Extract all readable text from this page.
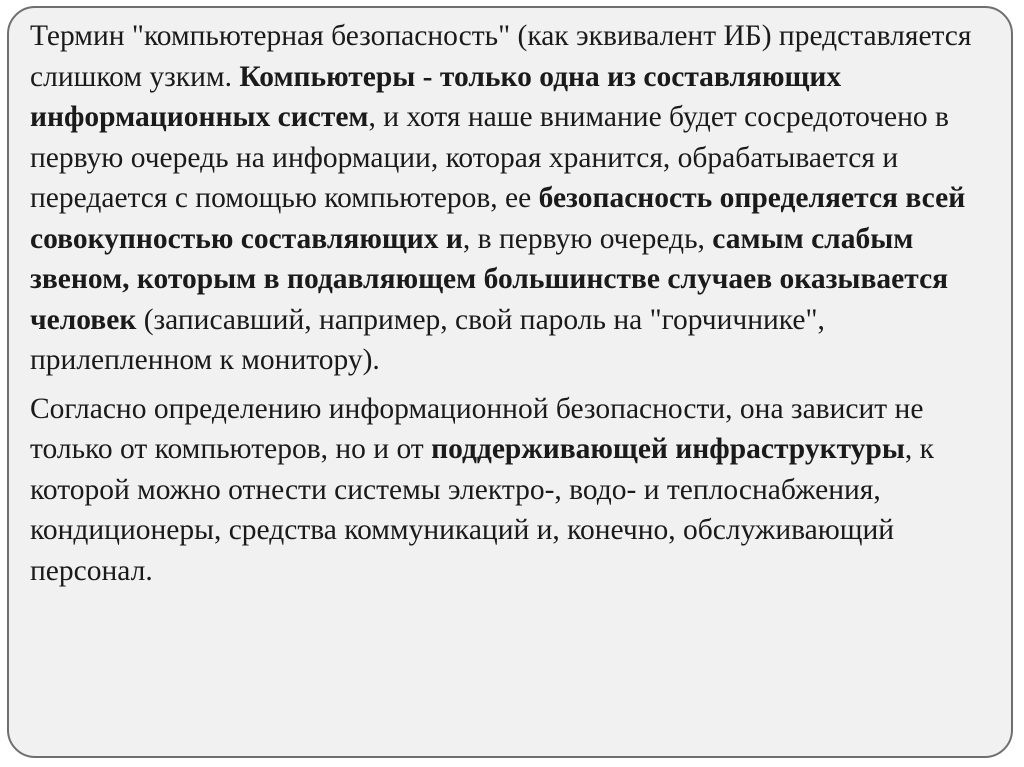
Термин "компьютерная безопасность" (как эквивалент ИБ) представляется слишком узким. Компьютеры - только одна из составляющих информационных систем, и хотя наше внимание будет сосредоточено в первую очередь на информации, которая хранится, обрабатывается и передается с помощью компьютеров, ее безопасность определяется всей совокупностью составляющих и, в первую очередь, самым слабым звеном, которым в подавляющем большинстве случаев оказывается человек (записавший, например, свой пароль на "горчичнике", прилепленном к монитору).

Согласно определению информационной безопасности, она зависит не только от компьютеров, но и от поддерживающей инфраструктуры, к которой можно отнести системы электро-, водо- и теплоснабжения, кондиционеры, средства коммуникаций и, конечно, обслуживающий персонал.
